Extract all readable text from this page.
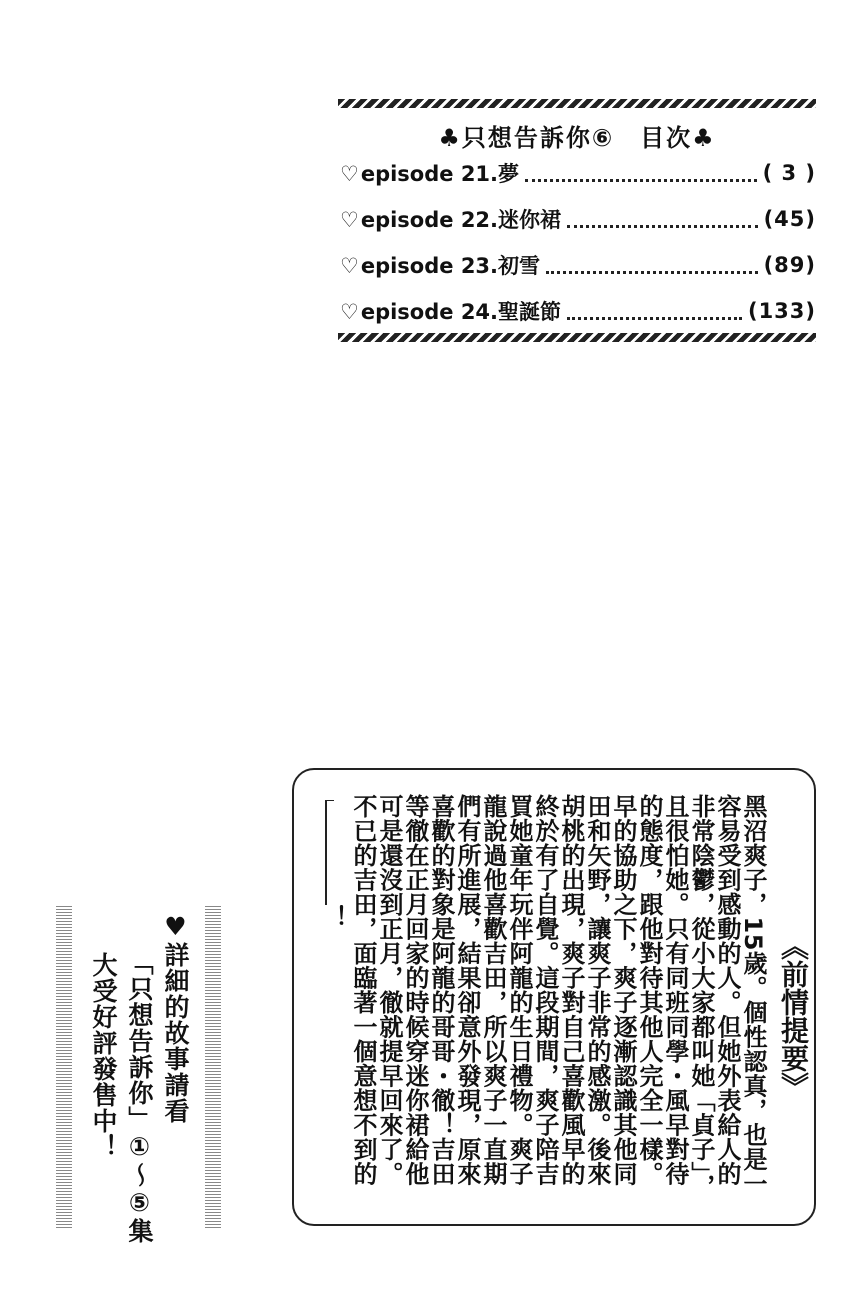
♣只想告訴你⑥　目次♣
♡episode 21.夢	( 3 )
♡episode 22.迷你裙	(45)
♡episode 23.初雪	(89)
♡episode 24.聖誕節	(133)
《前情提要》
黑沼爽子，15歲。個性認真，也是一
容易受到感動的人。但她外表給人的
非常陰鬱，從小大家都叫她「貞子」，
且很怕她。只有同班同學・風早對待
的態度，跟他對待其他人完全一樣。
早的協助之下，爽子逐漸認識其他同
田和矢野，讓爽子非常的感激。後來
胡桃的出現，爽子對自己喜歡風早的
終於有了自覺。這段期間，爽子陪吉
買她童年玩伴阿龍的生日禮物。爽子
龍說過他喜歡吉田，所以爽子一直期
們有所進展，結果卻意外發現，原來
喜歡的對象是阿龍的哥哥・徹！吉田
等徹在正月回家的時候穿迷你裙給他
可是還沒到正月，徹就提早回來了。
不已的吉田，面臨著一個意想不到的
！
♥詳細的故事請看
「只想告訴你」①〜⑤集
大受好評發售中！
